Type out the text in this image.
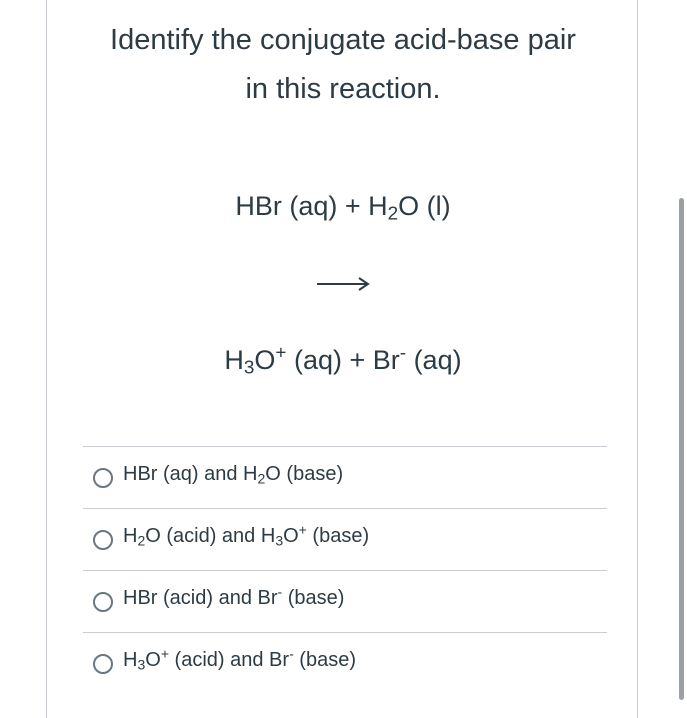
Identify the conjugate acid-base pair
in this reaction.
HBr $(aq) + H_2O$ (l)
$H_3O^+$ (aq) + Br- (aq)
HBr (aq) and $H_2O$ (base)
$H_2O$ (acid) and $H_3O^+$ (base)
HBr (acid) and Br- (base)
$H_3O^+$ (acid) and Br- (base)
